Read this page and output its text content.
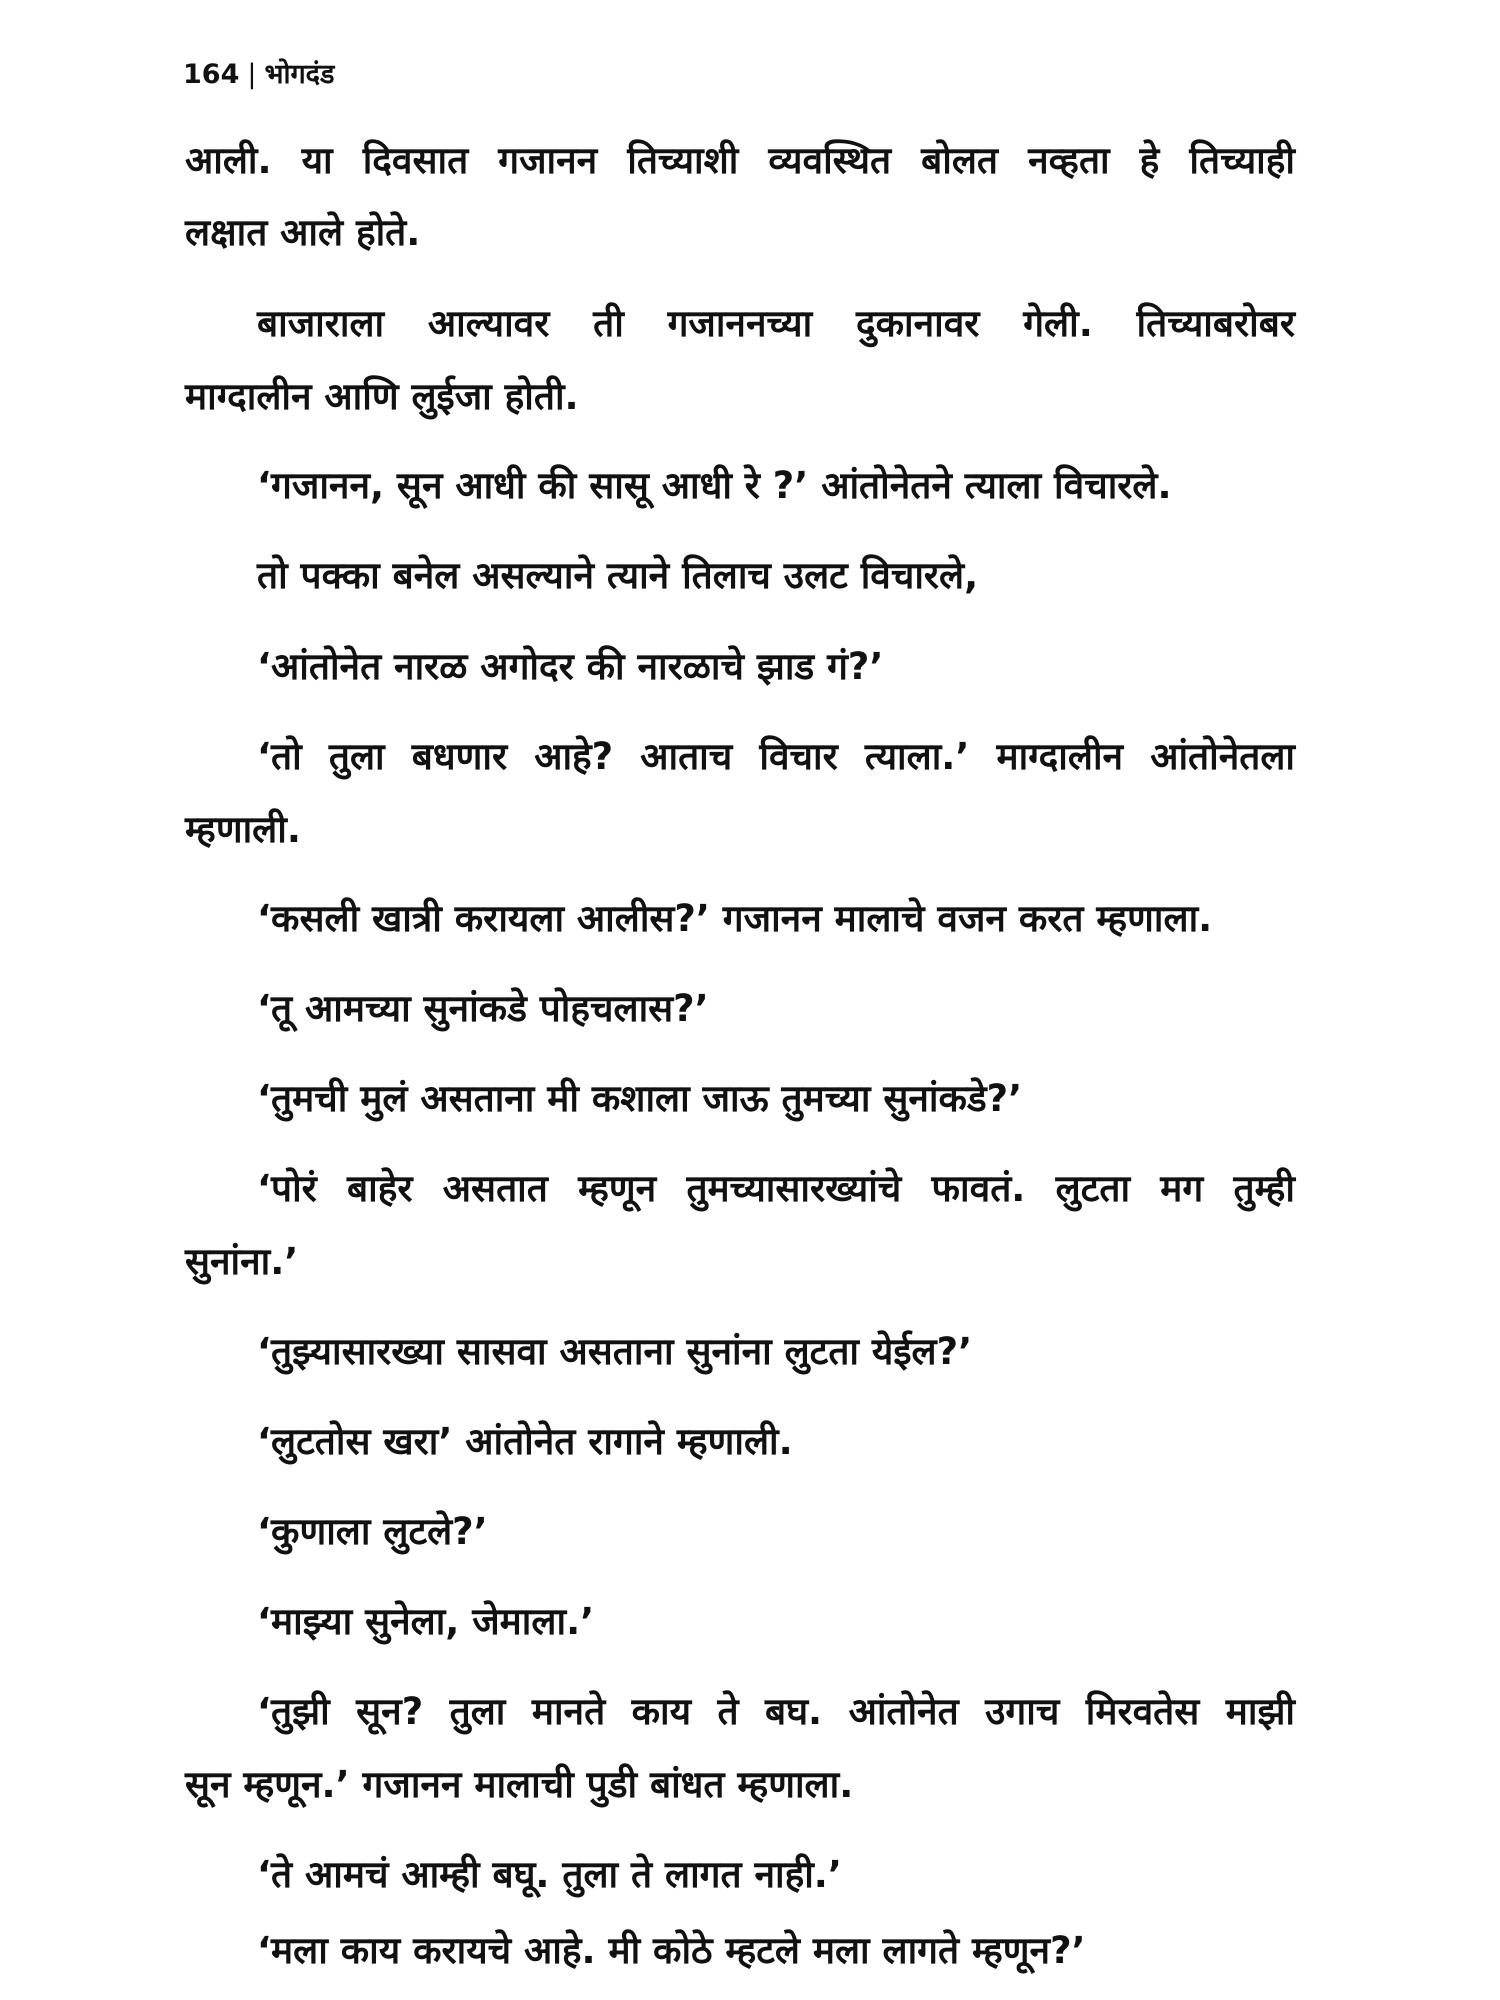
164 | भोगदंड
आली. या दिवसात गजानन तिच्याशी व्यवस्थित बोलत नव्हता हे तिच्याही
लक्षात आले होते.
बाजाराला आल्यावर ती गजाननच्या दुकानावर गेली. तिच्याबरोबर
माग्दालीन आणि लुईजा होती.
‘गजानन, सून आधी की सासू आधी रे ?’ आंतोनेतने त्याला विचारले.
तो पक्का बनेल असल्याने त्याने तिलाच उलट विचारले,
‘आंतोनेत नारळ अगोदर की नारळाचे झाड गं?’
‘तो तुला बधणार आहे? आताच विचार त्याला.’ माग्दालीन आंतोनेतला
म्हणाली.
‘कसली खात्री करायला आलीस?’ गजानन मालाचे वजन करत म्हणाला.
‘तू आमच्या सुनांकडे पोहचलास?’
‘तुमची मुलं असताना मी कशाला जाऊ तुमच्या सुनांकडे?’
‘पोरं बाहेर असतात म्हणून तुमच्यासारख्यांचे फावतं. लुटता मग तुम्ही
सुनांना.’
‘तुझ्यासारख्या सासवा असताना सुनांना लुटता येईल?’
‘लुटतोस खरा’ आंतोनेत रागाने म्हणाली.
‘कुणाला लुटले?’
‘माझ्या सुनेला, जेमाला.’
‘तुझी सून? तुला मानते काय ते बघ. आंतोनेत उगाच मिरवतेस माझी
सून म्हणून.’ गजानन मालाची पुडी बांधत म्हणाला.
‘ते आमचं आम्ही बघू. तुला ते लागत नाही.’
‘मला काय करायचे आहे. मी कोठे म्हटले मला लागते म्हणून?’
